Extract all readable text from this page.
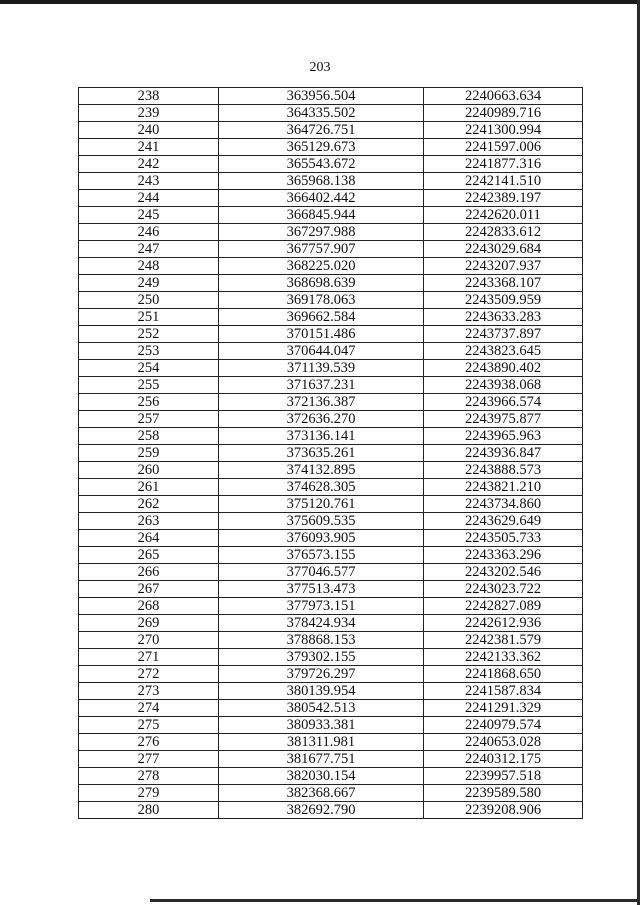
203
238	363956.504	2240663.634
239	364335.502	2240989.716
240	364726.751	2241300.994
241	365129.673	2241597.006
242	365543.672	2241877.316
243	365968.138	2242141.510
244	366402.442	2242389.197
245	366845.944	2242620.011
246	367297.988	2242833.612
247	367757.907	2243029.684
248	368225.020	2243207.937
249	368698.639	2243368.107
250	369178.063	2243509.959
251	369662.584	2243633.283
252	370151.486	2243737.897
253	370644.047	2243823.645
254	371139.539	2243890.402
255	371637.231	2243938.068
256	372136.387	2243966.574
257	372636.270	2243975.877
258	373136.141	2243965.963
259	373635.261	2243936.847
260	374132.895	2243888.573
261	374628.305	2243821.210
262	375120.761	2243734.860
263	375609.535	2243629.649
264	376093.905	2243505.733
265	376573.155	2243363.296
266	377046.577	2243202.546
267	377513.473	2243023.722
268	377973.151	2242827.089
269	378424.934	2242612.936
270	378868.153	2242381.579
271	379302.155	2242133.362
272	379726.297	2241868.650
273	380139.954	2241587.834
274	380542.513	2241291.329
275	380933.381	2240979.574
276	381311.981	2240653.028
277	381677.751	2240312.175
278	382030.154	2239957.518
279	382368.667	2239589.580
280	382692.790	2239208.906
